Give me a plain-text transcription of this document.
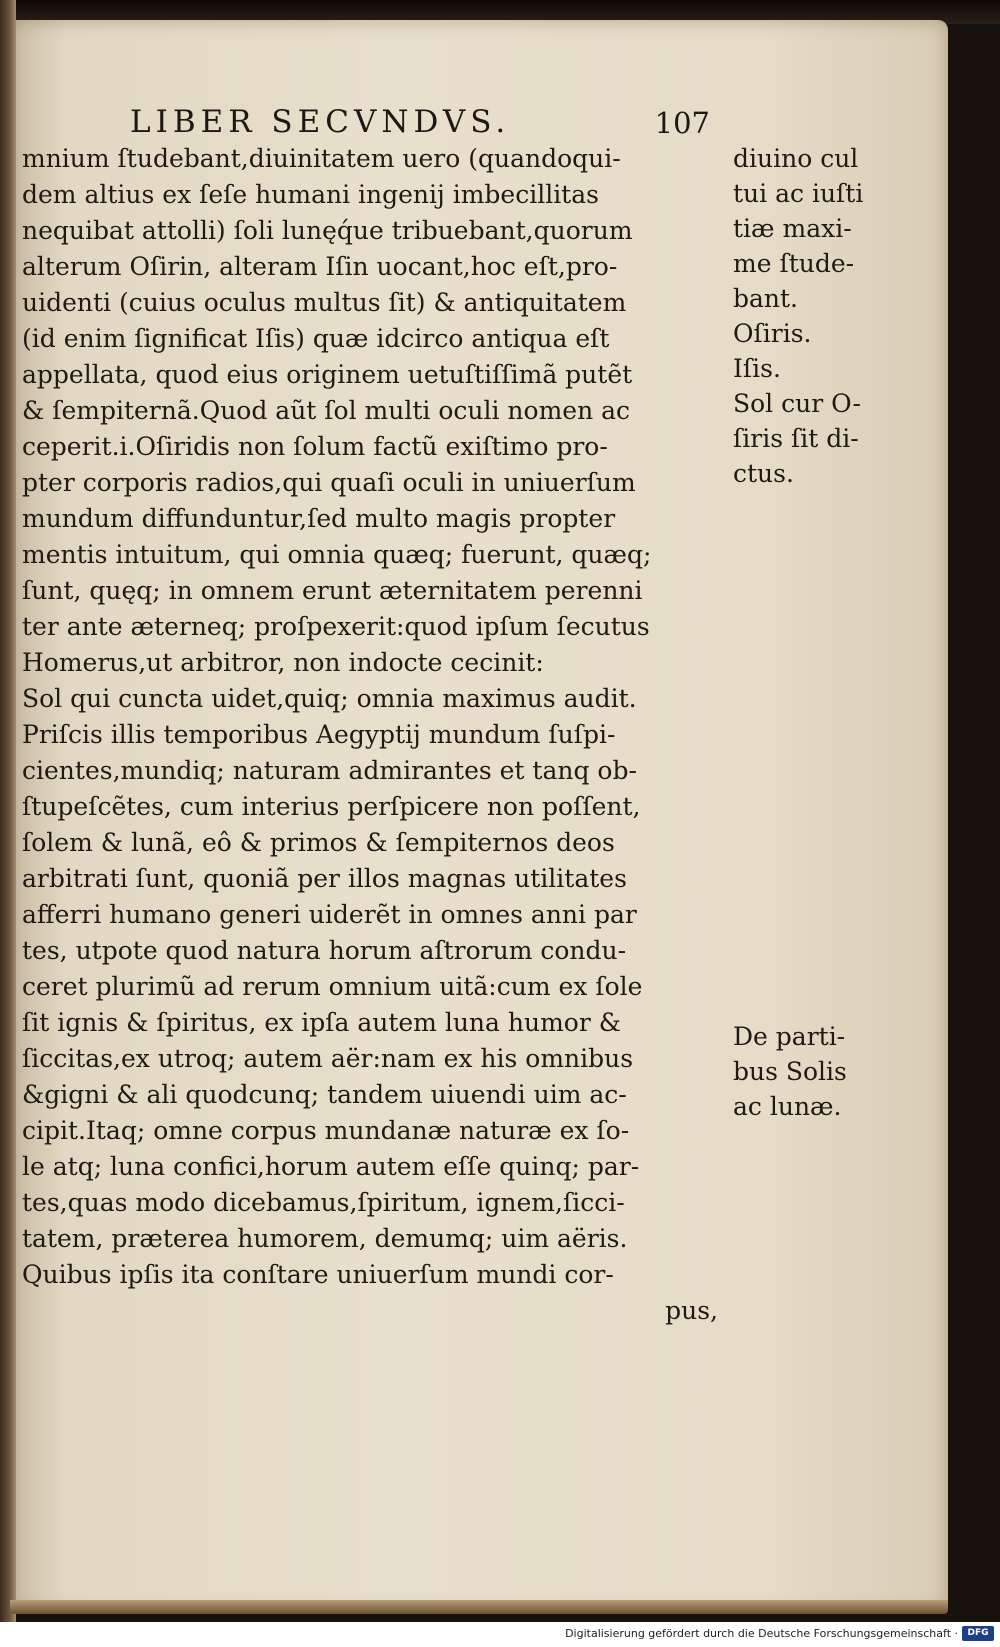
LIBER SECVNDVS.	107
mnium ſtudebant,diuinitatem uero (quandoqui-
dem altius ex ſeſe humani ingenij imbecillitas
nequibat attolli) ſoli lunęq́ue tribuebant,quorum
alterum Oſirin, alteram Iſin uocant,hoc eſt,pro-
uidenti (cuius oculus multus ſit) & antiquitatem
(id enim ſignificat Iſis) quæ idcirco antiqua eſt
appellata, quod eius originem uetuſtiſſimã putẽt
& ſempiternã.Quod aũt ſol multi oculi nomen ac
ceperit.i.Oſiridis non ſolum factũ exiſtimo pro-
pter corporis radios,qui quaſi oculi in uniuerſum
mundum diffunduntur,ſed multo magis propter
mentis intuitum, qui omnia quæq; fuerunt, quæq;
ſunt, quęq; in omnem erunt æternitatem perenni
ter ante æterneq; proſpexerit:quod ipſum ſecutus
Homerus,ut arbitror, non indocte cecinit:
Sol qui cuncta uidet,quiq; omnia maximus audit.
Priſcis illis temporibus Aegyptij mundum ſuſpi-
cientes,mundiq; naturam admirantes et tanq ob-
ſtupeſcẽtes, cum interius perſpicere non poſſent,
ſolem & lunã, eô & primos & ſempiternos deos
arbitrati ſunt, quoniã per illos magnas utilitates
afferri humano generi uiderẽt in omnes anni par
tes, utpote quod natura horum aſtrorum condu-
ceret plurimũ ad rerum omnium uitã:cum ex ſole
ſit ignis & ſpiritus, ex ipſa autem luna humor &
ſiccitas,ex utroq; autem aër:nam ex his omnibus
&gigni & ali quodcunq; tandem uiuendi uim ac-
cipit.Itaq; omne corpus mundanæ naturæ ex ſo-
le atq; luna confici,horum autem eſſe quinq; par-
tes,quas modo dicebamus,ſpiritum, ignem,ſicci-
tatem, præterea humorem, demumq; uim aëris.
Quibus ipſis ita conſtare uniuerſum mundi cor-
pus,
diuino cul
tui ac iuſti
tiæ maxi-
me ſtude-
bant.
Oſiris.
Iſis.
Sol cur O-
ſiris ſit di-
ctus.
De parti-
bus Solis
ac lunæ.
Digitalisierung gefördert durch die Deutsche Forschungsgemeinschaft ·	DFG
